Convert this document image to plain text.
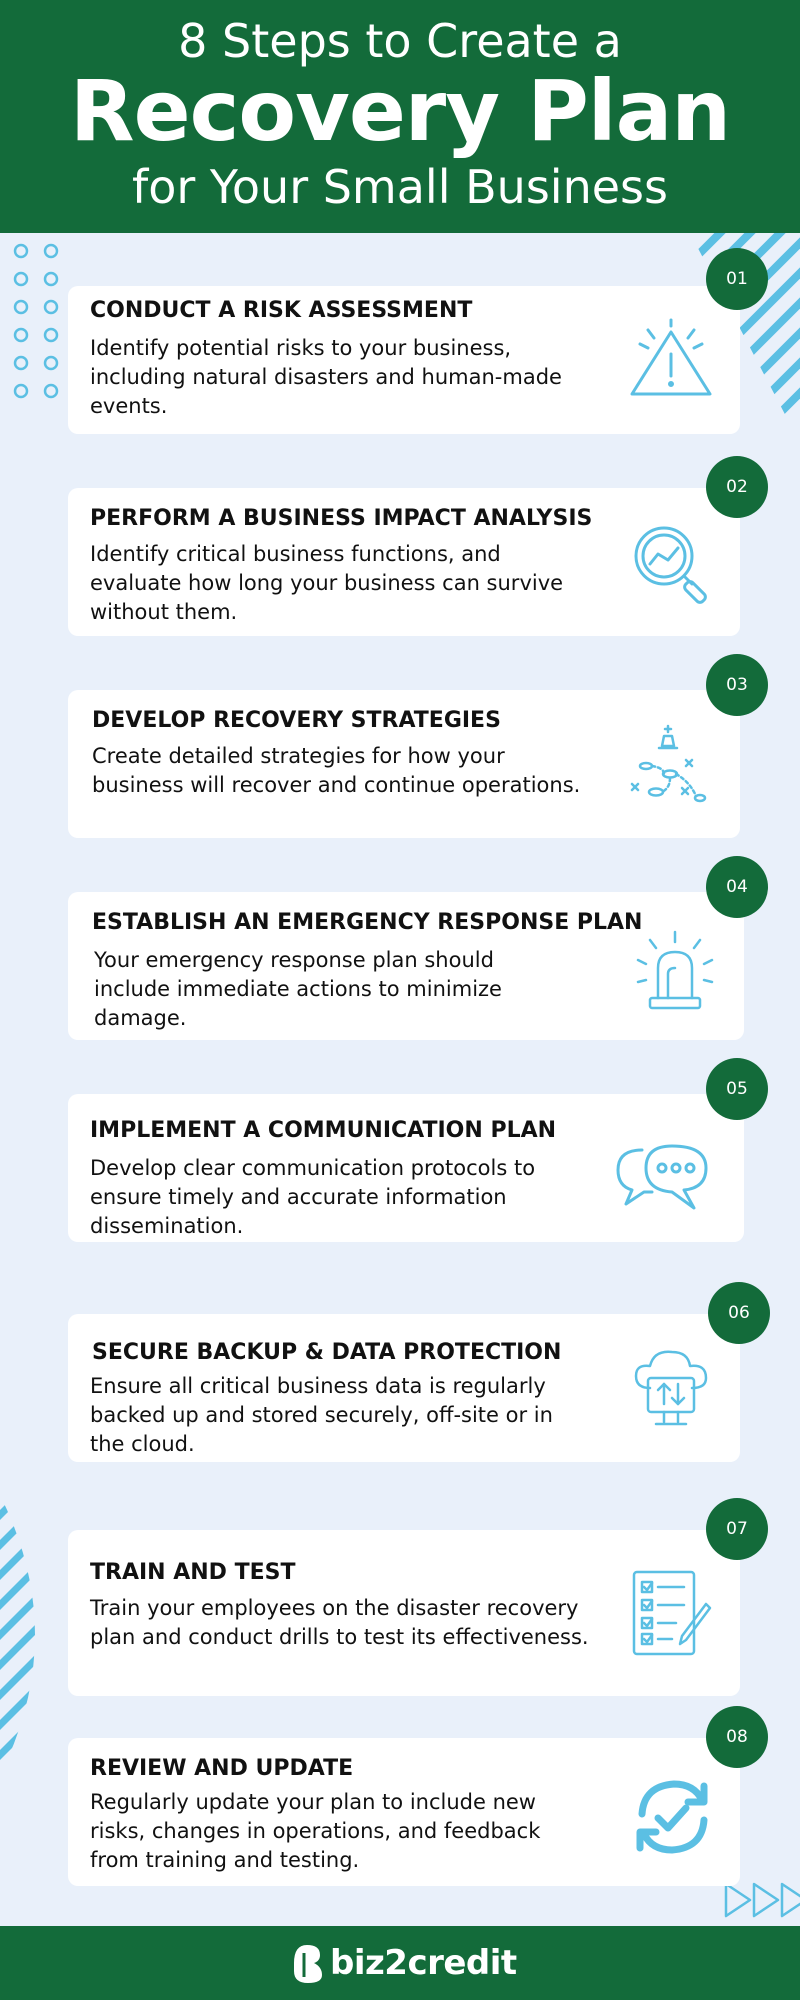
8 Steps to Create a
Recovery Plan
for Your Small Business
CONDUCT A RISK ASSESSMENT
Identify potential risks to your business, including natural disasters and human-made events.
01
PERFORM A BUSINESS IMPACT ANALYSIS
Identify critical business functions, and evaluate how long your business can survive without them.
02
DEVELOP RECOVERY STRATEGIES
Create detailed strategies for how your business will recover and continue operations.
03
ESTABLISH AN EMERGENCY RESPONSE PLAN
Your emergency response plan should include immediate actions to minimize damage.
04
IMPLEMENT A COMMUNICATION PLAN
Develop clear communication protocols to ensure timely and accurate information dissemination.
05
SECURE BACKUP & DATA PROTECTION
Ensure all critical business data is regularly backed up and stored securely, off-site or in the cloud.
06
TRAIN AND TEST
Train your employees on the disaster recovery plan and conduct drills to test its effectiveness.
07
REVIEW AND UPDATE
Regularly update your plan to include new risks, changes in operations, and feedback from training and testing.
08
biz2credit
